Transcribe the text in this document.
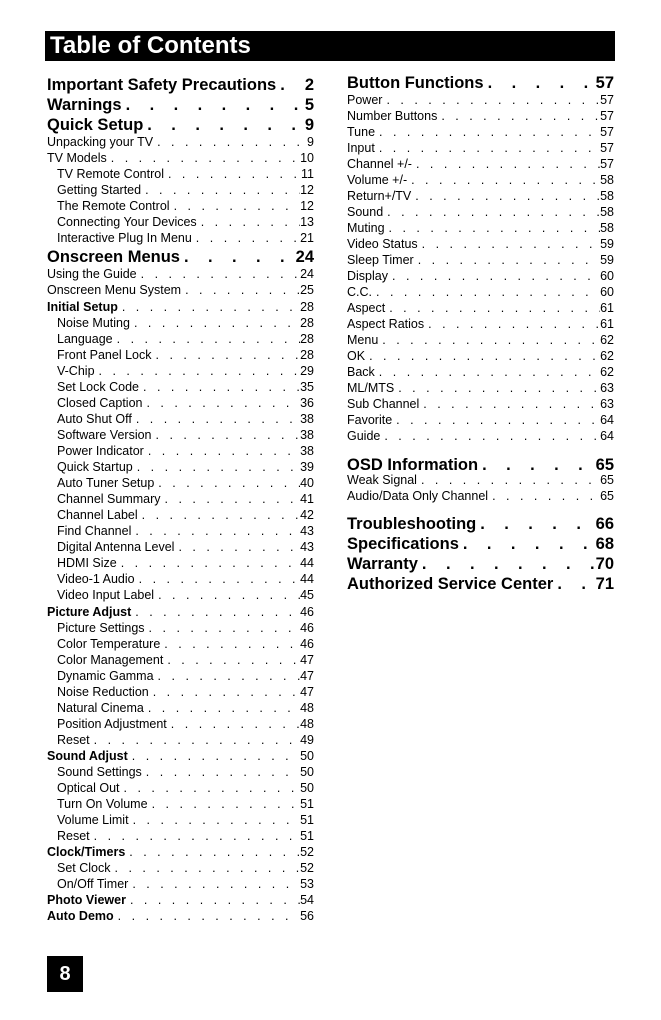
Table of Contents
Important Safety Precautions . . . 2
Warnings . . .	5
Quick Setup . . .	9
Unpacking your TV . . .	9
TV Models . . .	10
TV Remote Control . . .	11
Getting Started . . .	12
The Remote Control . . .	12
Connecting Your Devices . . .	13
Interactive Plug In Menu . . .	21
Onscreen Menus . . .	24
Using the Guide . . .	24
Onscreen Menu System . . .	25
Initial Setup . . .	28
Noise Muting . . .	28
Language . . .	28
Front Panel Lock . . .	28
V-Chip . . .	29
Set Lock Code . . .	35
Closed Caption . . .	36
Auto Shut Off . . .	38
Software Version . . .	38
Power Indicator . . .	38
Quick Startup . . .	39
Auto Tuner Setup . . .	40
Channel Summary . . .	41
Channel Label . . .	42
Find Channel . . .	43
Digital Antenna Level . . .	43
HDMI Size . . .	44
Video-1 Audio . . .	44
Video Input Label . . .	45
Picture Adjust . . .	46
Picture Settings . . .	46
Color Temperature . . .	46
Color Management . . .	47
Dynamic Gamma . . .	47
Noise Reduction . . .	47
Natural Cinema . . .	48
Position Adjustment . . .	48
Reset . . .	49
Sound Adjust . . .	50
Sound Settings . . .	50
Optical Out . . .	50
Turn On Volume . . .	51
Volume Limit . . .	51
Reset . . .	51
Clock/Timers . . .	52
Set Clock . . .	52
On/Off Timer . . .	53
Photo Viewer . . .	54
Auto Demo . . .	56
Button Functions . . .	57
Power . . .	57
Number Buttons . . .	57
Tune . . .	57
Input . . .	57
Channel +/- . . .	57
Volume +/- . . .	58
Return+/TV . . .	58
Sound . . .	58
Muting . . .	58
Video Status . . .	59
Sleep Timer . . .	59
Display . . .	60
C.C. . . .	60
Aspect . . .	61
Aspect Ratios . . .	61
Menu . . .	62
OK . . .	62
Back . . .	62
ML/MTS . . .	63
Sub Channel . . .	63
Favorite . . .	64
Guide . . .	64
OSD Information . . .	65
Weak Signal . . .	65
Audio/Data Only Channel . . .	65
Troubleshooting . . .	66
Specifications . . .	68
Warranty . . .	70
Authorized Service Center . . .	71
8
